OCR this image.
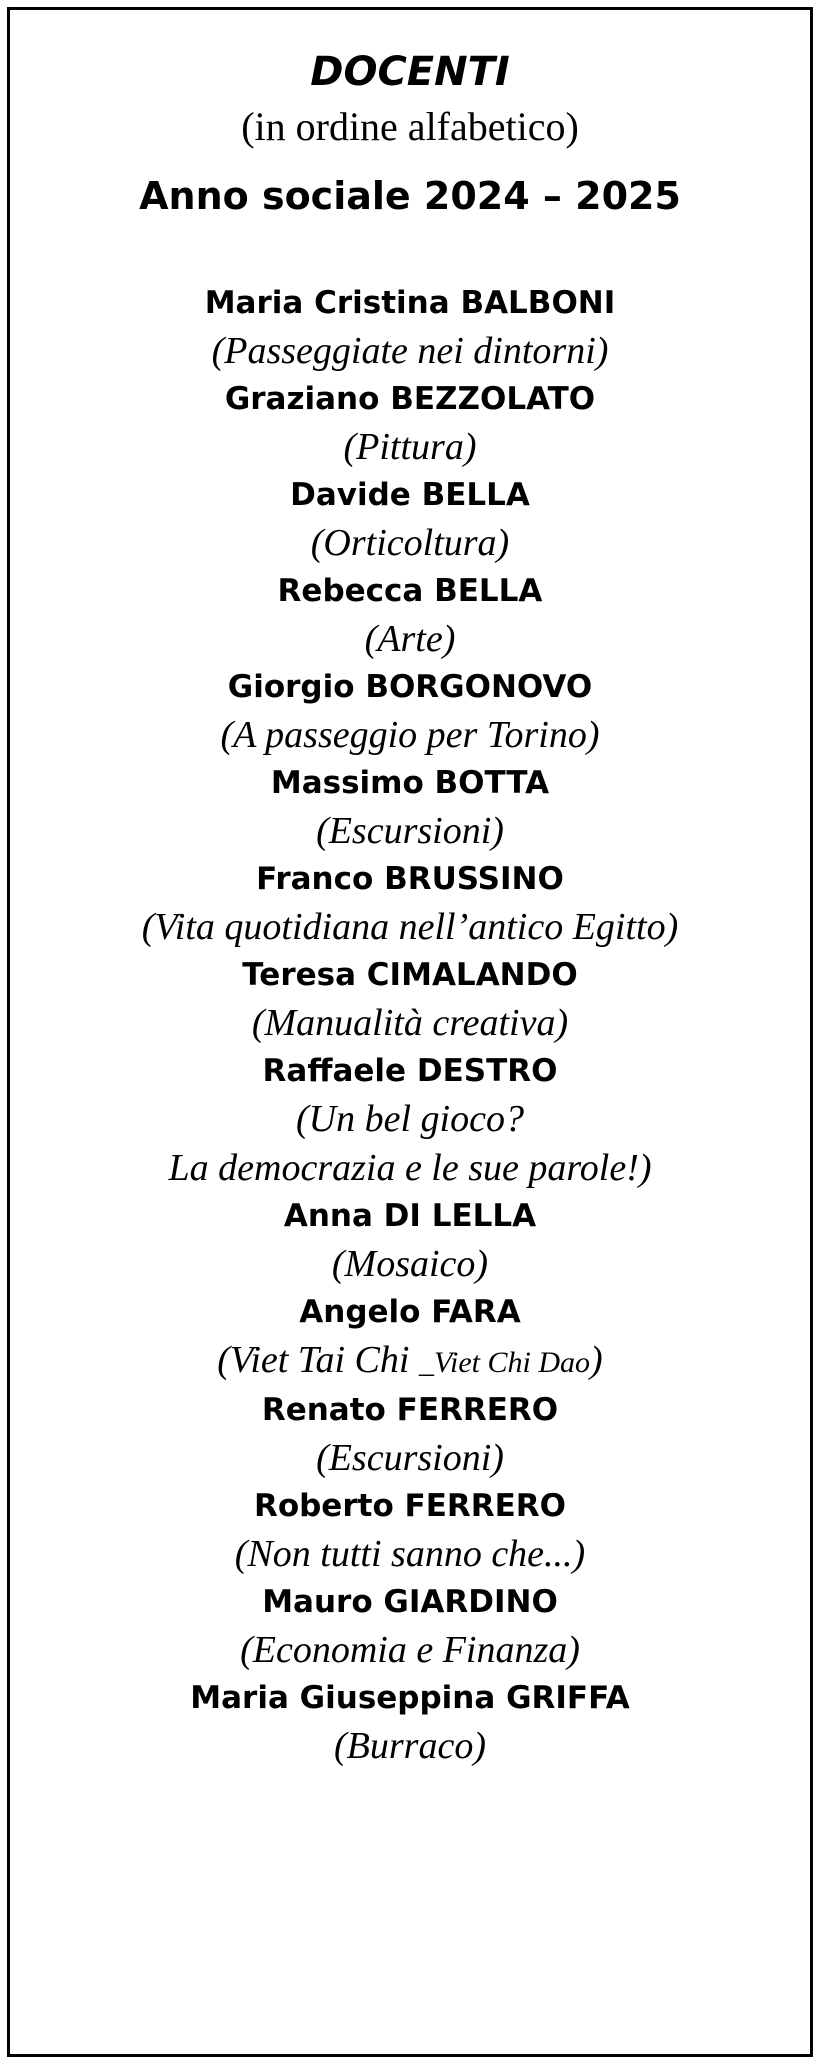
DOCENTI
(in ordine alfabetico)
Anno sociale 2024 – 2025
Maria Cristina BALBONI
(Passeggiate nei dintorni)
Graziano BEZZOLATO
(Pittura)
Davide BELLA
(Orticoltura)
Rebecca BELLA
(Arte)
Giorgio BORGONOVO
(A passeggio per Torino)
Massimo BOTTA
(Escursioni)
Franco BRUSSINO
(Vita quotidiana nell’antico Egitto)
Teresa CIMALANDO
(Manualità creativa)
Raffaele DESTRO
(Un bel gioco?
La democrazia e le sue parole!)
Anna DI LELLA
(Mosaico)
Angelo FARA
(Viet Tai Chi _Viet Chi Dao)
Renato FERRERO
(Escursioni)
Roberto FERRERO
(Non tutti sanno che...)
Mauro GIARDINO
(Economia e Finanza)
Maria Giuseppina GRIFFA
(Burraco)
